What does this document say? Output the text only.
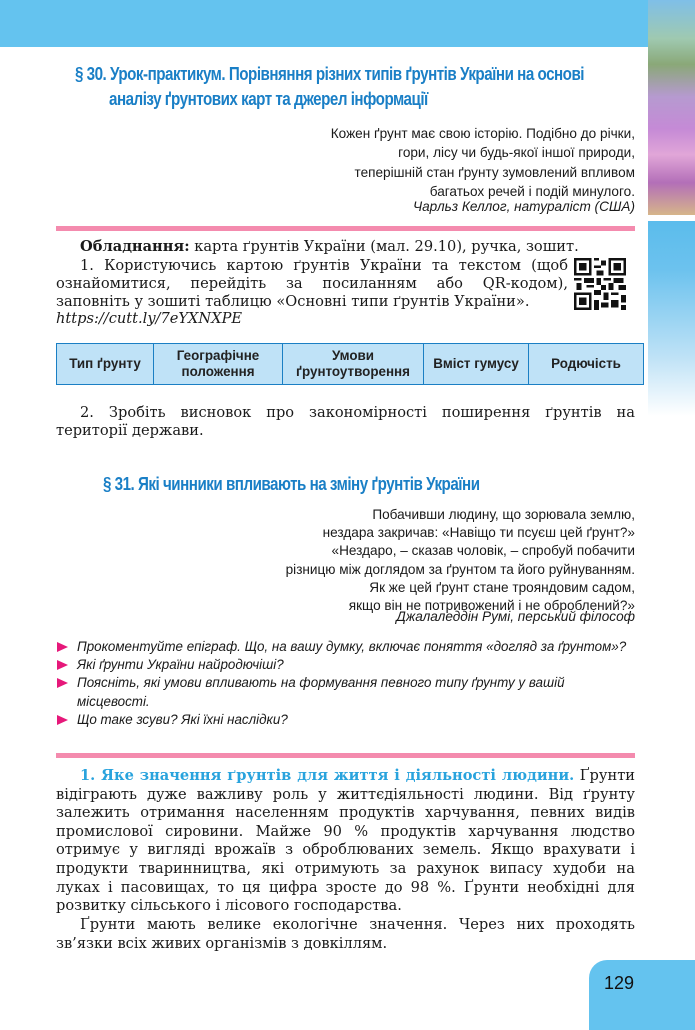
§ 30. Урок-практикум. Порівняння різних типів ґрунтів України на основі
аналізу ґрунтових карт та джерел інформації
Кожен ґрунт має свою історію. Подібно до річки,
гори, лісу чи будь-якої іншої природи,
теперішній стан ґрунту зумовлений впливом
багатьох речей і подій минулого.
Чарльз Келлог, натураліст (США)
Обладнання: карта ґрунтів України (мал. 29.10), ручка, зошит.
1. Користуючись картою ґрунтів України та текстом (щоб ознайомитися, перейдіть за посиланням або QR-кодом), заповніть у зошиті таблицю «Основні типи ґрунтів України».
https://cutt.ly/7eYXNXPE
Тип ґрунту	Географічне положення	Умови ґрунтоутворення	Вміст гумусу	Родючість
2. Зробіть висновок про закономірності поширення ґрунтів на території держави.
§ 31. Які чинники впливають на зміну ґрунтів України
Побачивши людину, що зорювала землю,
нездара закричав: «Навіщо ти псуєш цей ґрунт?»
«Нездаро, – сказав чоловік, – спробуй побачити
різницю між доглядом за ґрунтом та його руйнуванням.
Як же цей ґрунт стане трояндовим садом,
якщо він не потривожений і не оброблений?»
Джалаледдін Румі, перський філософ
Прокоментуйте епіграф. Що, на вашу думку, включає поняття «догляд за ґрунтом»?
Які ґрунти України найродючіші?
Поясніть, які умови впливають на формування певного типу ґрунту у вашій місцевості.
Що таке зсуви? Які їхні наслідки?
1. Яке значення ґрунтів для життя і діяльності людини. Ґрунти відіграють дуже важливу роль у життєдіяльності людини. Від ґрунту залежить отримання населенням продуктів харчування, певних видів промислової сировини. Майже 90 % продуктів харчування людство отримує у вигляді врожаїв з оброблюваних земель. Якщо врахувати і продукти тваринництва, які отримують за рахунок випасу худоби на луках і пасовищах, то ця цифра зросте до 98 %. Ґрунти необхідні для розвитку сільського і лісового господарства.
Ґрунти мають велике екологічне значення. Через них проходять зв’язки всіх живих організмів з довкіллям.
129
